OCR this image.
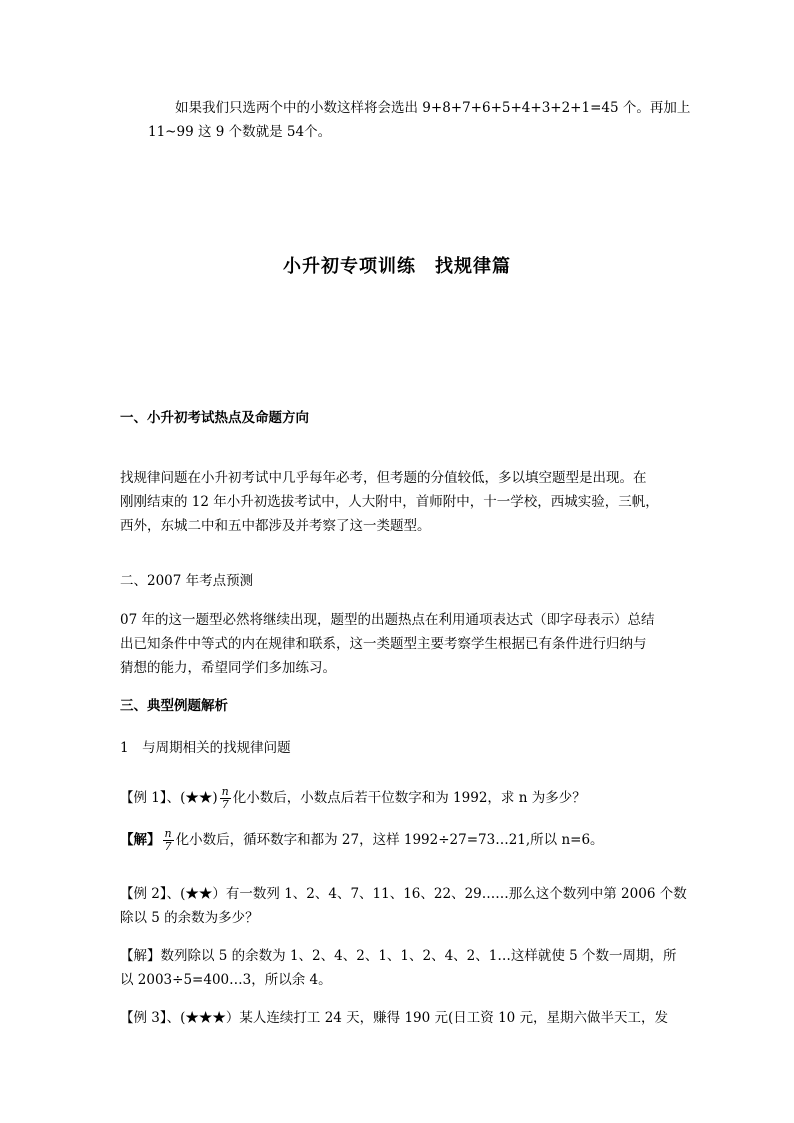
如果我们只选两个中的小数这样将会选出 9+8+7+6+5+4+3+2+1=45 个。再加上
11~99 这 9 个数就是 54个。
小升初专项训练　找规律篇
一、小升初考试热点及命题方向
找规律问题在小升初考试中几乎每年必考，但考题的分值较低，多以填空题型是出现。在
刚刚结束的 12 年小升初选拔考试中，人大附中，首师附中，十一学校，西城实验，三帆，
西外，东城二中和五中都涉及并考察了这一类题型。
二、2007 年考点预测
07 年的这一题型必然将继续出现，题型的出题热点在利用通项表达式（即字母表示）总结
出已知条件中等式的内在规律和联系，这一类题型主要考察学生根据已有条件进行归纳与
猜想的能力，希望同学们多加练习。
三、典型例题解析
1　与周期相关的找规律问题
【例 1】、(★★) $\frac{n}{7}$ 化小数后，小数点后若干位数字和为 1992，求 n 为多少？
【解】 $\frac{n}{7}$ 化小数后，循环数字和都为 27，这样 1992÷27=73…21,所以 n=6。
【例 2】、(★★）有一数列 1、2、4、7、11、16、22、29……那么这个数列中第 2006 个数
除以 5 的余数为多少？
【解】数列除以 5 的余数为 1、2、4、2、1、1、2、4、2、1…这样就使 5 个数一周期，所
以 2003÷5=400…3，所以余 4。
【例 3】、(★★★）某人连续打工 24 天，赚得 190 元(日工资 10 元，星期六做半天工，发
